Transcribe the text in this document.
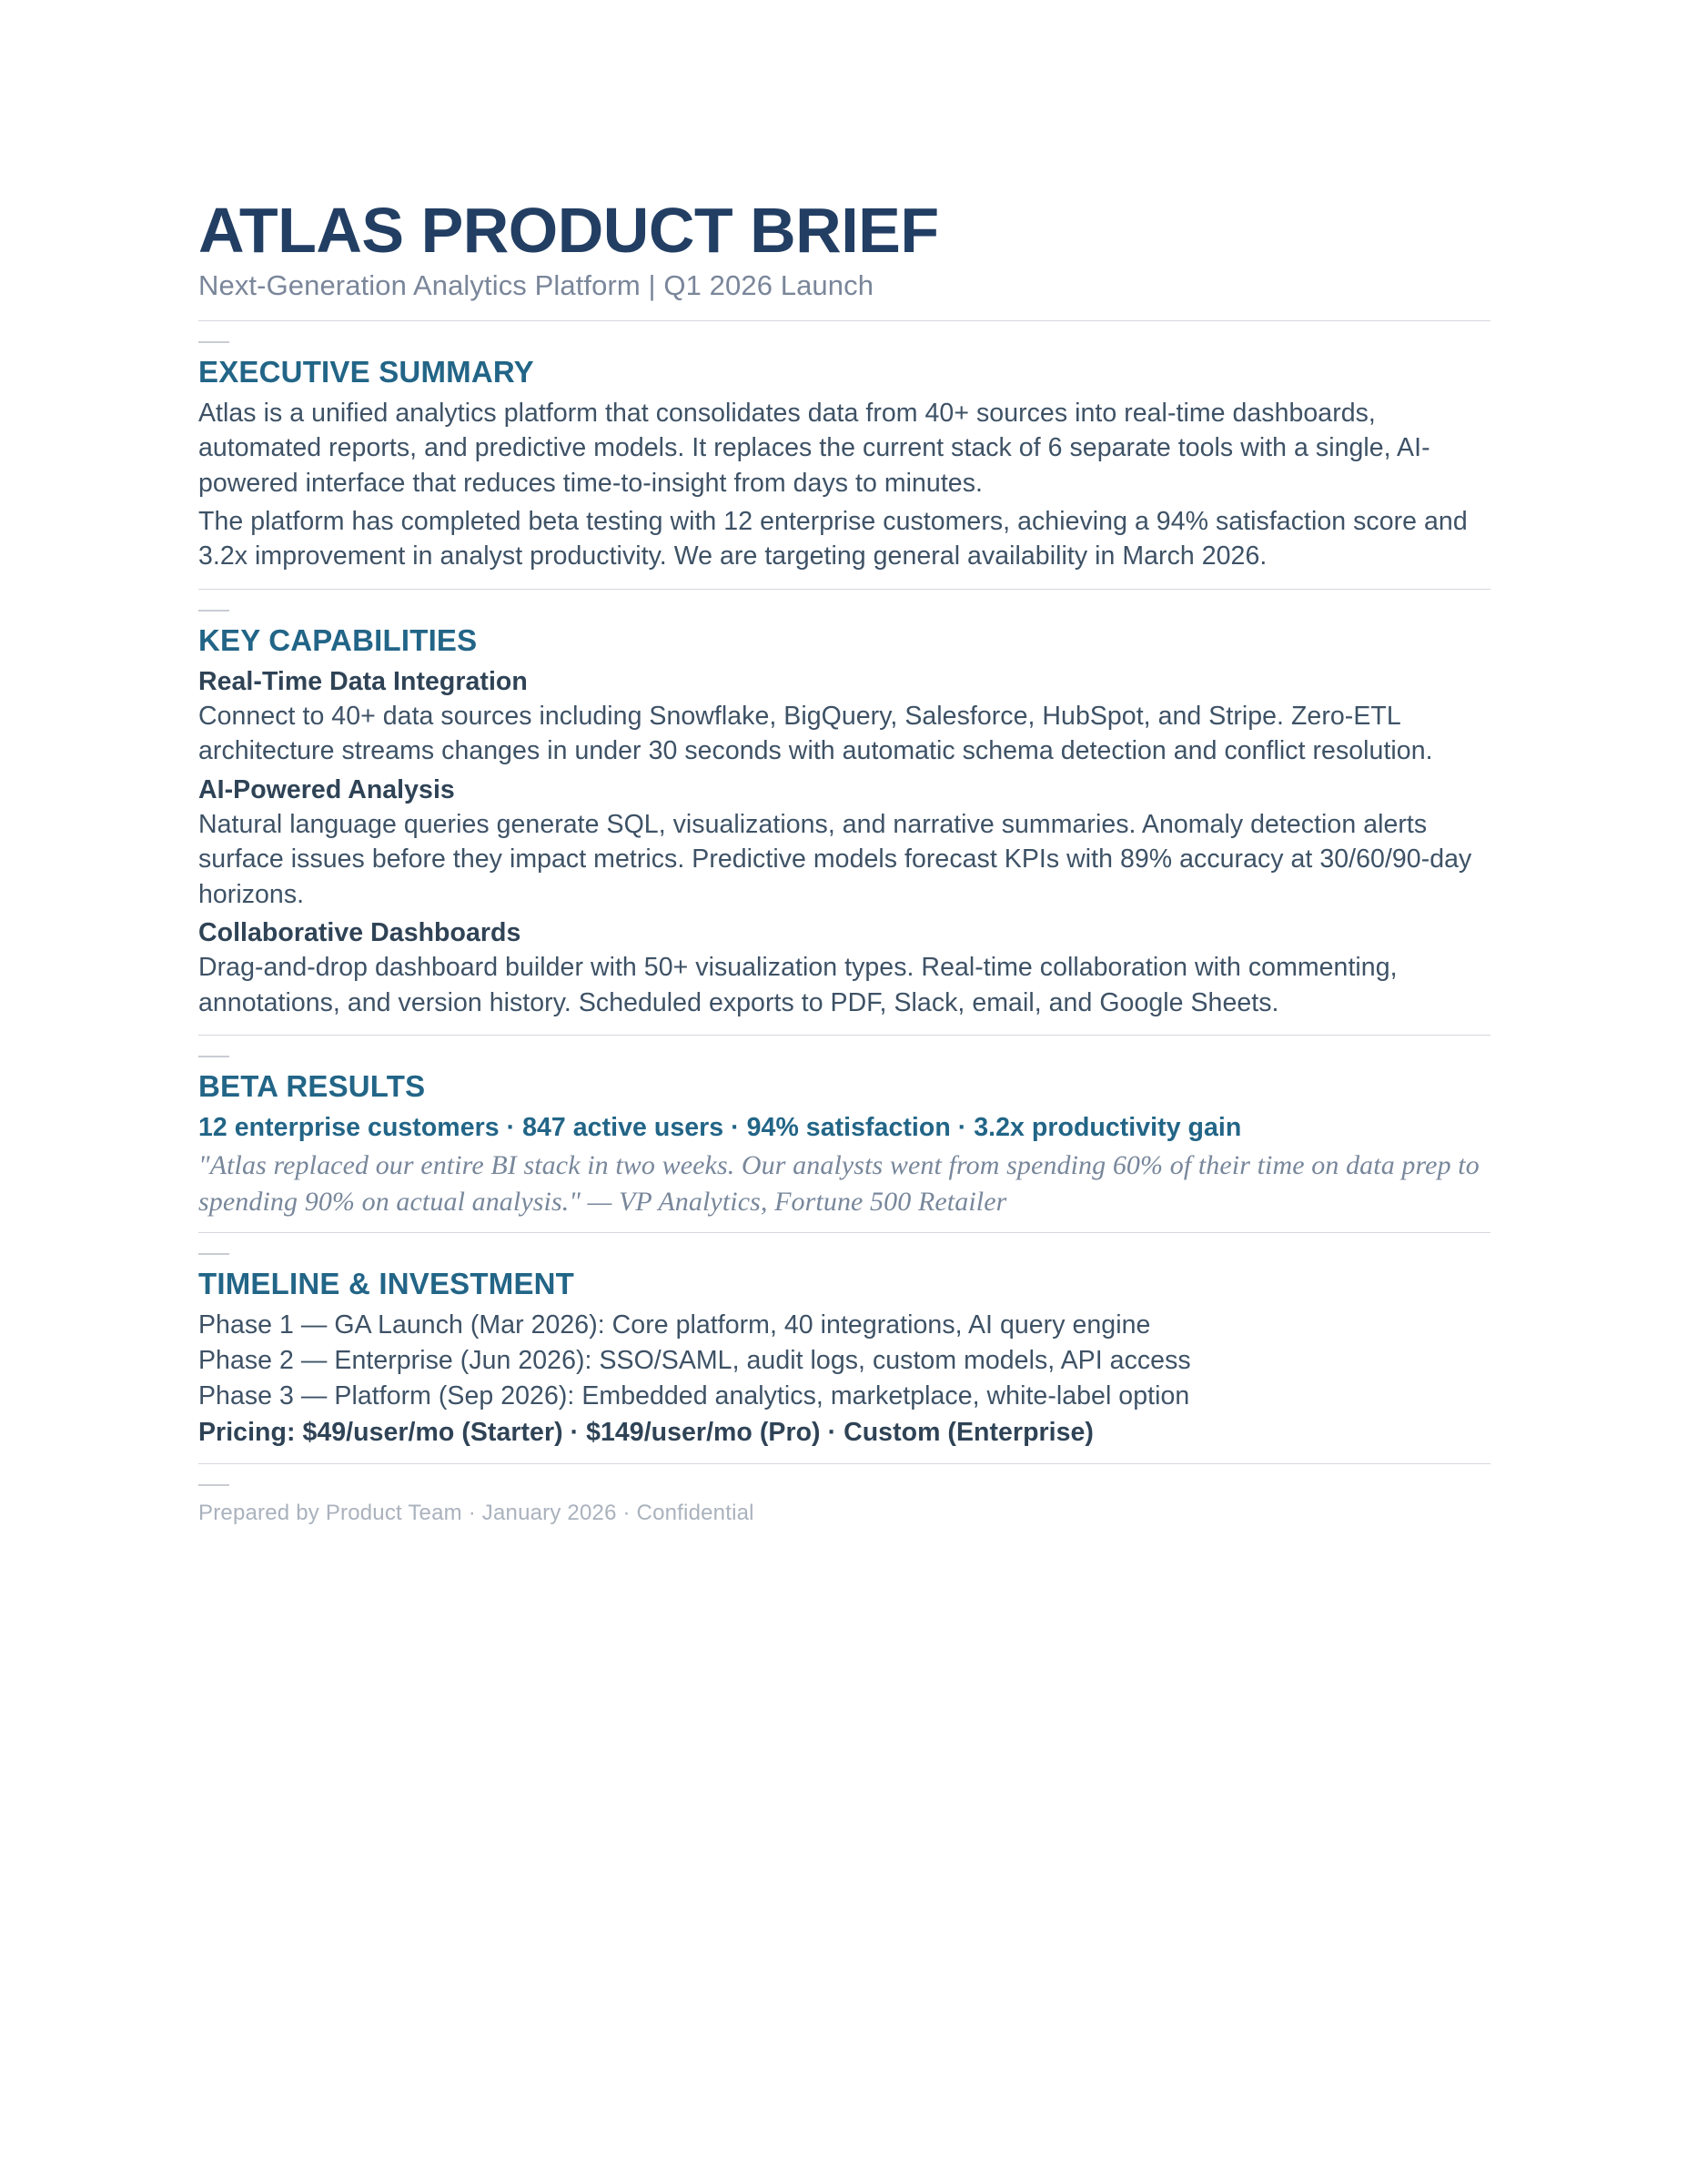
ATLAS PRODUCT BRIEF
Next-Generation Analytics Platform | Q1 2026 Launch
EXECUTIVE SUMMARY

Atlas is a unified analytics platform that consolidates data from 40+ sources into real-time dashboards, automated reports, and predictive models. It replaces the current stack of 6 separate tools with a single, AI-powered interface that reduces time-to-insight from days to minutes.

The platform has completed beta testing with 12 enterprise customers, achieving a 94% satisfaction score and 3.2x improvement in analyst productivity. We are targeting general availability in March 2026.

KEY CAPABILITIES
Real-Time Data Integration

Connect to 40+ data sources including Snowflake, BigQuery, Salesforce, HubSpot, and Stripe. Zero-ETL architecture streams changes in under 30 seconds with automatic schema detection and conflict resolution.

AI-Powered Analysis

Natural language queries generate SQL, visualizations, and narrative summaries. Anomaly detection alerts surface issues before they impact metrics. Predictive models forecast KPIs with 89% accuracy at 30/60/90-day horizons.

Collaborative Dashboards

Drag-and-drop dashboard builder with 50+ visualization types. Real-time collaboration with commenting, annotations, and version history. Scheduled exports to PDF, Slack, email, and Google Sheets.

BETA RESULTS
12 enterprise customers · 847 active users · 94% satisfaction · 3.2x productivity gain

"Atlas replaced our entire BI stack in two weeks. Our analysts went from spending 60% of their time on data prep to spending 90% on actual analysis." — VP Analytics, Fortune 500 Retailer

TIMELINE & INVESTMENT

Phase 1 — GA Launch (Mar 2026): Core platform, 40 integrations, AI query engine

Phase 2 — Enterprise (Jun 2026): SSO/SAML, audit logs, custom models, API access

Phase 3 — Platform (Sep 2026): Embedded analytics, marketplace, white-label option

Pricing: $49/user/mo (Starter) · $149/user/mo (Pro) · Custom (Enterprise)

Prepared by Product Team · January 2026 · Confidential
